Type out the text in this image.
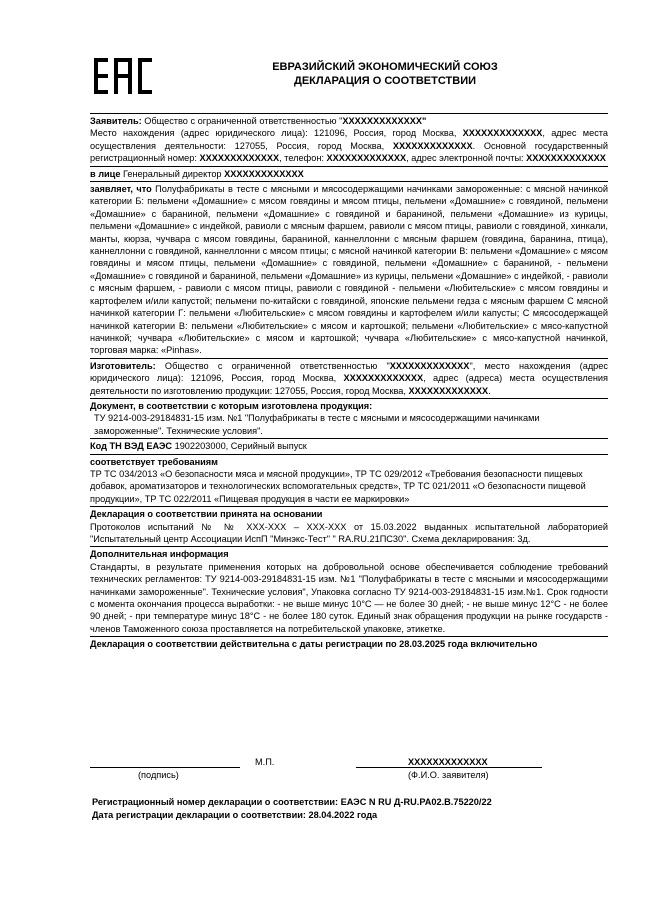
ЕВРАЗИЙСКИЙ ЭКОНОМИЧЕСКИЙ СОЮЗ
ДЕКЛАРАЦИЯ О СООТВЕТСТВИИ
Заявитель: Общество с ограниченной ответственностью "XXXXXXXXXXXXX"
Место нахождения (адрес юридического лица): 121096, Россия, город Москва, XXXXXXXXXXXXX, адрес места осуществления деятельности: 127055, Россия, город Москва, XXXXXXXXXXXXX. Основной государственный регистрационный номер: XXXXXXXXXXXXX, телефон: XXXXXXXXXXXXX, адрес электронной почты: XXXXXXXXXXXXX
в лице Генеральный директор XXXXXXXXXXXXX
заявляет, что Полуфабрикаты в тесте с мясными и мясосодержащими начинками замороженные: с мясной начинкой категории Б: пельмени «Домашние» с мясом говядины и мясом птицы, пельмени «Домашние» с говядиной, пельмени «Домашние» с бараниной, пельмени «Домашние» с говядиной и бараниной, пельмени «Домашние» из курицы, пельмени «Домашние» с индейкой, равиоли с мясным фаршем, равиоли с мясом птицы, равиоли с говядиной, хинкали, манты, кюрза, чучвара с мясом говядины, бараниной, каннеллонни с мясным фаршем (говядина, баранина, птица), каннеллонни с говядиной, каннеллонни с мясом птицы; с мясной начинкой категории В: пельмени «Домашние» с мясом говядины и мясом птицы, пельмени «Домашние» с говядиной, пельмени «Домашние» с бараниной, - пельмени «Домашние» с говядиной и бараниной, пельмени «Домашние» из курицы, пельмени «Домашние» с индейкой, - равиоли с мясным фаршем, - равиоли с мясом птицы, равиоли с говядиной - пельмени «Любительские» с мясом говядины и картофелем и/или капустой; пельмени по-китайски с говядиной, японские пельмени гедза с мясным фаршем С мясной начинкой категории Г: пельмени «Любительские» с мясом говядины и картофелем и/или капусты; С мясосодержащей начинкой категории В: пельмени «Любительские» с мясом и картошкой; пельмени «Любительские» с мясо-капустной начинкой; чучвара «Любительские» с мясом и картошкой; чучвара «Любительские» с мясо-капустной начинкой, торговая марка: «Pinhas».
Изготовитель: Общество с ограниченной ответственностью "XXXXXXXXXXXXX", место нахождения (адрес юридического лица): 121096, Россия, город Москва, XXXXXXXXXXXXX, адрес (адреса) места осуществления деятельности по изготовлению продукции: 127055, Россия, город Москва, XXXXXXXXXXXXX.
Документ, в соответствии с которым изготовлена продукция:

ТУ 9214-003-29184831-15 изм. №1 "Полуфабрикаты в тесте с мясными и мясосодержащими начинками замороженные". Технические условия".
Код ТН ВЭД ЕАЭС 1902203000, Серийный выпуск
соответствует требованиям
ТР ТС 034/2013 «О безопасности мяса и мясной продукции», ТР ТС 029/2012 «Требования безопасности пищевых добавок, ароматизаторов и технологических вспомогательных средств», ТР ТС 021/2011 «О безопасности пищевой продукции», ТР ТС 022/2011 «Пищевая продукция в части ее маркировки»
Декларация о соответствии принята на основании
Протоколов испытаний № № XXX-XXX – XXX-XXX от 15.03.2022 выданных испытательной лабораторией "Испытательный центр Ассоциации ИспП "Минэкс-Тест" " RA.RU.21ПС30". Схема декларирования: 3д.
Дополнительная информация
Стандарты, в результате применения которых на добровольной основе обеспечивается соблюдение требований технических регламентов: ТУ 9214-003-29184831-15 изм. №1 "Полуфабрикаты в тесте с мясными и мясосодержащими начинками замороженные". Технические условия", Упаковка согласно ТУ 9214-003-29184831-15 изм.№1. Срок годности с момента окончания процесса выработки: - не выше минус 10°С — не более 30 дней; - не выше минус 12°С - не более 90 дней; - при температуре минус 18°С - не более 180 суток. Единый знак обращения продукции на рынке государств - членов Таможенного союза проставляется на потребительской упаковке, этикетке.
Декларация о соответствии действительна с даты регистрации по 28.03.2025 года включительно
М.П.	XXXXXXXXXXXXX
(подпись)	(Ф.И.О. заявителя)
Регистрационный номер декларации о соответствии: ЕАЭС N RU Д-RU.PA02.B.75220/22
Дата регистрации декларации о соответствии: 28.04.2022 года
